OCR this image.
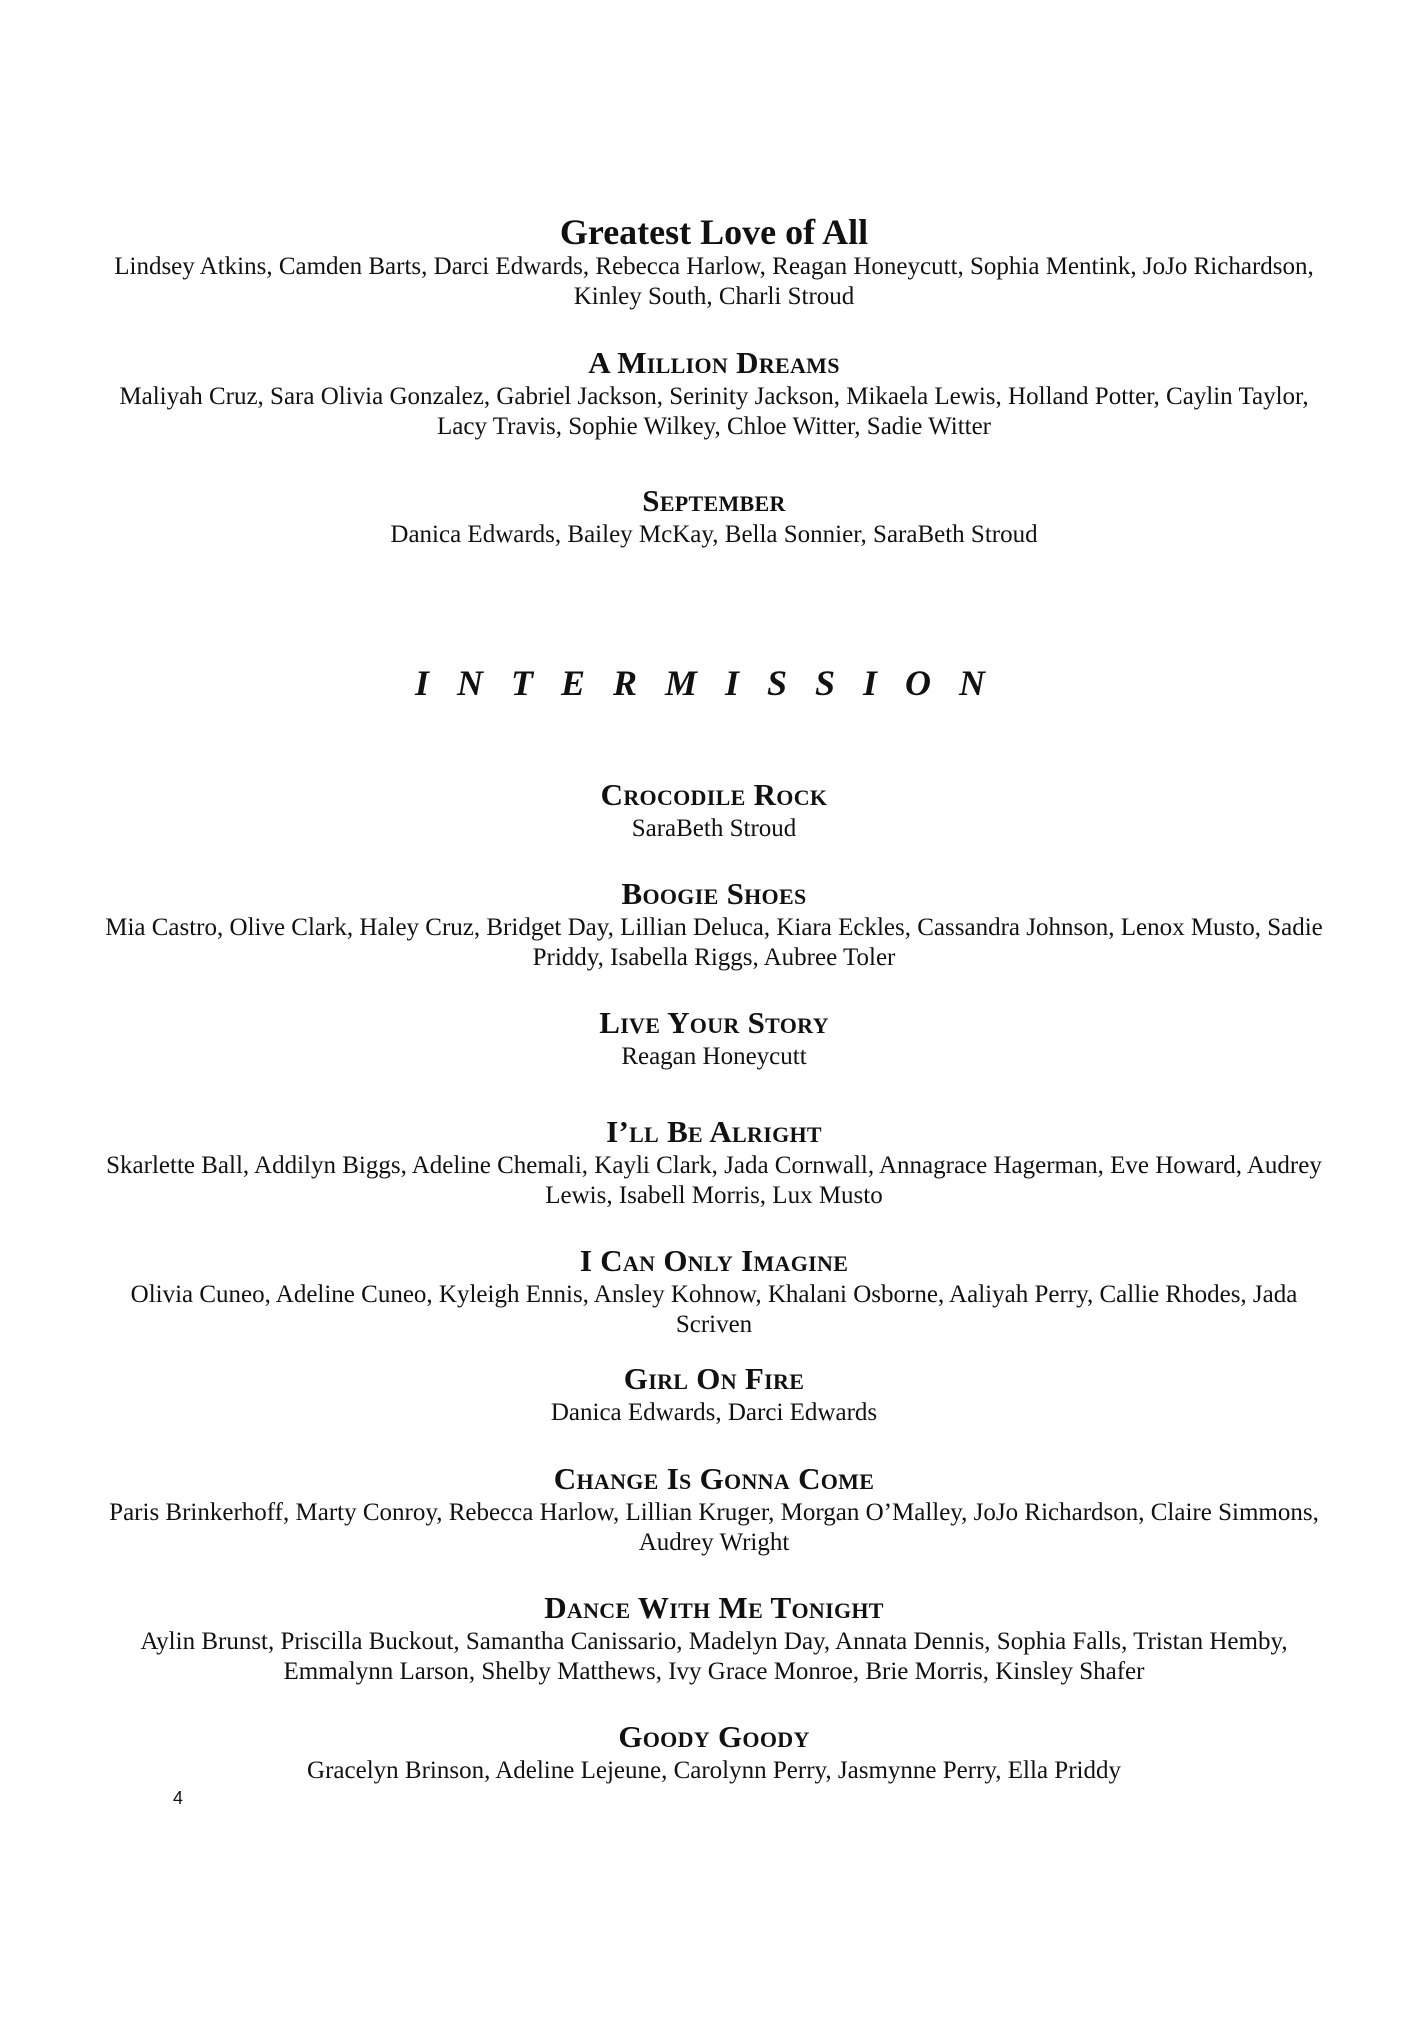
Greatest Love of All

Lindsey Atkins, Camden Barts, Darci Edwards, Rebecca Harlow, Reagan Honeycutt, Sophia Mentink, JoJo Richardson, Kinley South, Charli Stroud

A Million Dreams

Maliyah Cruz, Sara Olivia Gonzalez, Gabriel Jackson, Serinity Jackson, Mikaela Lewis, Holland Potter, Caylin Taylor, Lacy Travis, Sophie Wilkey, Chloe Witter, Sadie Witter

September

Danica Edwards, Bailey McKay, Bella Sonnier, SaraBeth Stroud

INTERMISSION

Crocodile Rock

SaraBeth Stroud

Boogie Shoes

Mia Castro, Olive Clark, Haley Cruz, Bridget Day, Lillian Deluca, Kiara Eckles, Cassandra Johnson, Lenox Musto, Sadie Priddy, Isabella Riggs, Aubree Toler

Live Your Story

Reagan Honeycutt

I’ll Be Alright

Skarlette Ball, Addilyn Biggs, Adeline Chemali, Kayli Clark, Jada Cornwall, Annagrace Hagerman, Eve Howard, Audrey Lewis, Isabell Morris, Lux Musto

I Can Only Imagine

Olivia Cuneo, Adeline Cuneo, Kyleigh Ennis, Ansley Kohnow, Khalani Osborne, Aaliyah Perry, Callie Rhodes, Jada Scriven

Girl On Fire

Danica Edwards, Darci Edwards

Change Is Gonna Come

Paris Brinkerhoff, Marty Conroy, Rebecca Harlow, Lillian Kruger, Morgan O’Malley, JoJo Richardson, Claire Simmons, Audrey Wright

Dance With Me Tonight

Aylin Brunst, Priscilla Buckout, Samantha Canissario, Madelyn Day, Annata Dennis, Sophia Falls, Tristan Hemby, Emmalynn Larson, Shelby Matthews, Ivy Grace Monroe, Brie Morris, Kinsley Shafer

Goody Goody

Gracelyn Brinson, Adeline Lejeune, Carolynn Perry, Jasmynne Perry, Ella Priddy

4
